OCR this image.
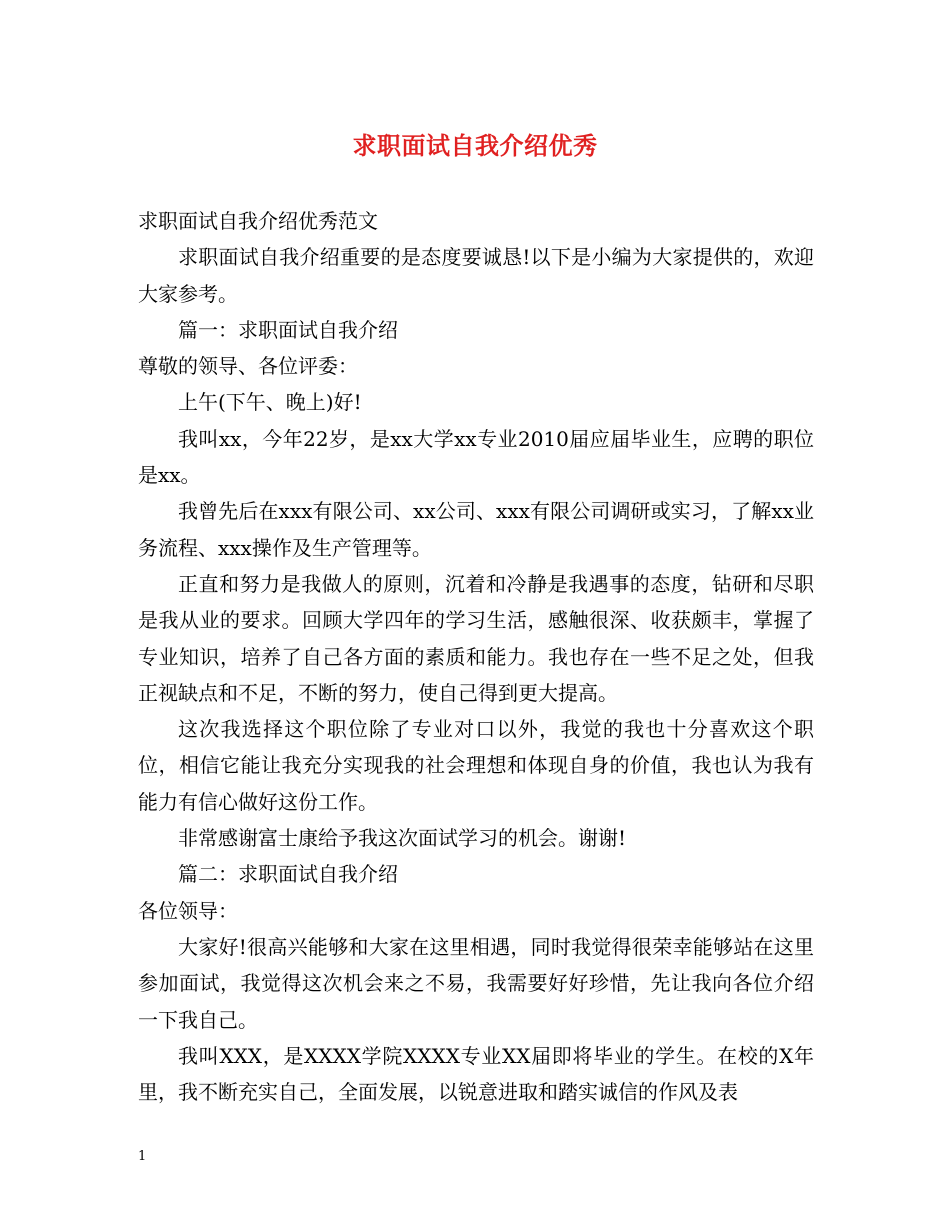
求职面试自我介绍优秀

求职面试自我介绍优秀范文

求职面试自我介绍重要的是态度要诚恳!以下是小编为大家提供的，欢迎大家参考。

篇一：求职面试自我介绍

尊敬的领导、各位评委：

上午(下午、晚上)好!

我叫xx，今年22岁，是xx大学xx专业2010届应届毕业生，应聘的职位是xx。

我曾先后在xxx有限公司、xx公司、xxx有限公司调研或实习，了解xx业务流程、xxx操作及生产管理等。

正直和努力是我做人的原则，沉着和冷静是我遇事的态度，钻研和尽职是我从业的要求。回顾大学四年的学习生活，感触很深、收获颇丰，掌握了专业知识，培养了自己各方面的素质和能力。我也存在一些不足之处，但我正视缺点和不足，不断的努力，使自己得到更大提高。

这次我选择这个职位除了专业对口以外，我觉的我也十分喜欢这个职位，相信它能让我充分实现我的社会理想和体现自身的价值，我也认为我有能力有信心做好这份工作。

非常感谢富士康给予我这次面试学习的机会。谢谢!

篇二：求职面试自我介绍

各位领导：

大家好!很高兴能够和大家在这里相遇，同时我觉得很荣幸能够站在这里参加面试，我觉得这次机会来之不易，我需要好好珍惜，先让我向各位介绍一下我自己。

我叫XXX，是XXXX学院XXXX专业XX届即将毕业的学生。在校的X年里，我不断充实自己，全面发展，以锐意进取和踏实诚信的作风及表

1
